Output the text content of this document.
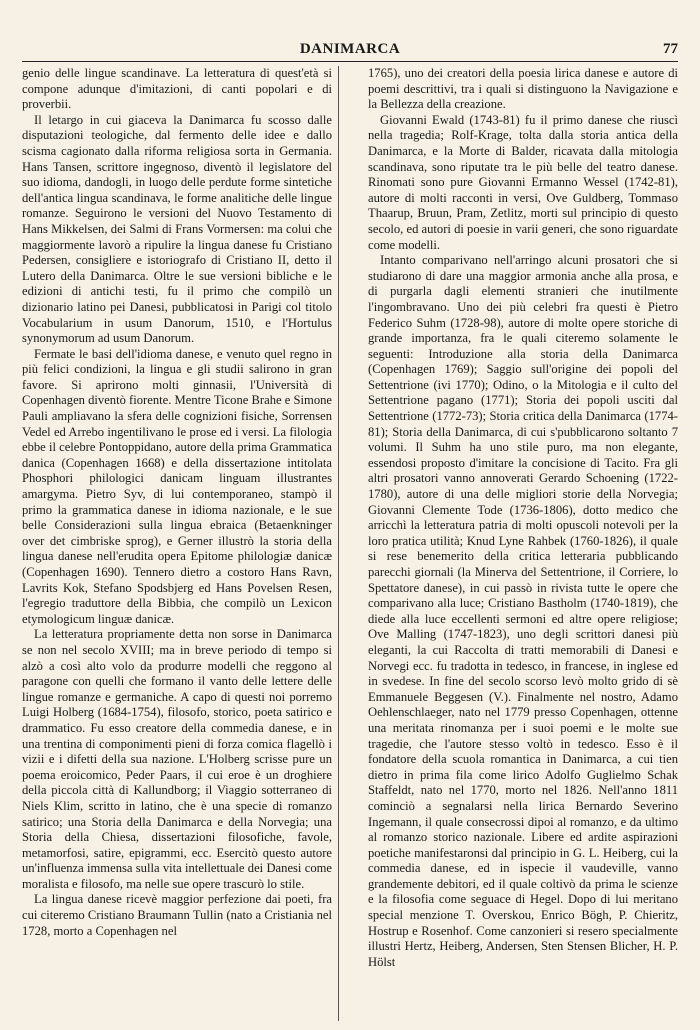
DANIMARCA	77

genio delle lingue scandinave. La letteratura di quest'età si compone adunque d'imitazioni, di canti popolari e di proverbii.

Il letargo in cui giaceva la Danimarca fu scosso dalle disputazioni teologiche, dal fermento delle idee e dallo scisma cagionato dalla riforma religiosa sorta in Germania. Hans Tansen, scrittore ingegnoso, diventò il legislatore del suo idioma, dandogli, in luogo delle perdute forme sintetiche dell'antica lingua scandinava, le forme analitiche delle lingue romanze. Seguirono le versioni del Nuovo Testamento di Hans Mikkelsen, dei Salmi di Frans Vormersen: ma colui che maggiormente lavorò a ripulire la lingua danese fu Cristiano Pedersen, consigliere e istoriografo di Cristiano II, detto il Lutero della Danimarca. Oltre le sue versioni bibliche e le edizioni di antichi testi, fu il primo che compilò un dizionario latino pei Danesi, pubblicatosi in Parigi col titolo Vocabularium in usum Danorum, 1510, e l'Hortulus synonymorum ad usum Danorum.

Fermate le basi dell'idioma danese, e venuto quel regno in più felici condizioni, la lingua e gli studii salirono in gran favore. Si aprirono molti ginnasii, l'Università di Copenhagen diventò fiorente. Mentre Ticone Brahe e Simone Pauli ampliavano la sfera delle cognizioni fisiche, Sorrensen Vedel ed Arrebo ingentilivano le prose ed i versi. La filologia ebbe il celebre Pontoppidano, autore della prima Grammatica danica (Copenhagen 1668) e della dissertazione intitolata Phosphori philologici danicam linguam illustrantes amargyma. Pietro Syv, di lui contemporaneo, stampò il primo la grammatica danese in idioma nazionale, e le sue belle Considerazioni sulla lingua ebraica (Betaenkninger over det cimbriske sprog), e Gerner illustrò la storia della lingua danese nell'erudita opera Epitome philologiæ danicæ (Copenhagen 1690). Tennero dietro a costoro Hans Ravn, Lavrits Kok, Stefano Spodsbjerg ed Hans Povelsen Resen, l'egregio traduttore della Bibbia, che compilò un Lexicon etymologicum linguæ danicæ.

La letteratura propriamente detta non sorse in Danimarca se non nel secolo XVIII; ma in breve periodo di tempo si alzò a così alto volo da produrre modelli che reggono al paragone con quelli che formano il vanto delle lettere delle lingue romanze e germaniche. A capo di questi noi porremo Luigi Holberg (1684-1754), filosofo, storico, poeta satirico e drammatico. Fu esso creatore della commedia danese, e in una trentina di componimenti pieni di forza comica flagellò i vizii e i difetti della sua nazione. L'Holberg scrisse pure un poema eroicomico, Peder Paars, il cui eroe è un droghiere della piccola città di Kallundborg; il Viaggio sotterraneo di Niels Klim, scritto in latino, che è una specie di romanzo satirico; una Storia della Danimarca e della Norvegia; una Storia della Chiesa, dissertazioni filosofiche, favole, metamorfosi, satire, epigrammi, ecc. Esercitò questo autore un'influenza immensa sulla vita intellettuale dei Danesi come moralista e filosofo, ma nelle sue opere trascurò lo stile.

La lingua danese ricevè maggior perfezione dai poeti, fra cui citeremo Cristiano Braumann Tullin (nato a Cristiania nel 1728, morto a Copenhagen nel

1765), uno dei creatori della poesia lirica danese e autore di poemi descrittivi, tra i quali si distinguono la Navigazione e la Bellezza della creazione.

Giovanni Ewald (1743-81) fu il primo danese che riuscì nella tragedia; Rolf-Krage, tolta dalla storia antica della Danimarca, e la Morte di Balder, ricavata dalla mitologia scandinava, sono riputate tra le più belle del teatro danese. Rinomati sono pure Giovanni Ermanno Wessel (1742-81), autore di molti racconti in versi, Ove Guldberg, Tommaso Thaarup, Bruun, Pram, Zetlitz, morti sul principio di questo secolo, ed autori di poesie in varii generi, che sono riguardate come modelli.

Intanto comparivano nell'arringo alcuni prosatori che si studiarono di dare una maggior armonia anche alla prosa, e di purgarla dagli elementi stranieri che inutilmente l'ingombravano. Uno dei più celebri fra questi è Pietro Federico Suhm (1728-98), autore di molte opere storiche di grande importanza, fra le quali citeremo solamente le seguenti: Introduzione alla storia della Danimarca (Copenhagen 1769); Saggio sull'origine dei popoli del Settentrione (ivi 1770); Odino, o la Mitologia e il culto del Settentrione pagano (1771); Storia dei popoli usciti dal Settentrione (1772-73); Storia critica della Danimarca (1774-81); Storia della Danimarca, di cui s'pubblicarono soltanto 7 volumi. Il Suhm ha uno stile puro, ma non elegante, essendosi proposto d'imitare la concisione di Tacito. Fra gli altri prosatori vanno annoverati Gerardo Schoening (1722-1780), autore di una delle migliori storie della Norvegia; Giovanni Clemente Tode (1736-1806), dotto medico che arricchì la letteratura patria di molti opuscoli notevoli per la loro pratica utilità; Knud Lyne Rahbek (1760-1826), il quale si rese benemerito della critica letteraria pubblicando parecchi giornali (la Minerva del Settentrione, il Corriere, lo Spettatore danese), in cui passò in rivista tutte le opere che comparivano alla luce; Cristiano Bastholm (1740-1819), che diede alla luce eccellenti sermoni ed altre opere religiose; Ove Malling (1747-1823), uno degli scrittori danesi più eleganti, la cui Raccolta di tratti memorabili di Danesi e Norvegi ecc. fu tradotta in tedesco, in francese, in inglese ed in svedese. In fine del secolo scorso levò molto grido di sè Emmanuele Beggesen (V.). Finalmente nel nostro, Adamo Oehlenschlaeger, nato nel 1779 presso Copenhagen, ottenne una meritata rinomanza per i suoi poemi e le molte sue tragedie, che l'autore stesso voltò in tedesco. Esso è il fondatore della scuola romantica in Danimarca, a cui tien dietro in prima fila come lirico Adolfo Guglielmo Schak Staffeldt, nato nel 1770, morto nel 1826. Nell'anno 1811 cominciò a segnalarsi nella lirica Bernardo Severino Ingemann, il quale consecrossi dipoi al romanzo, e da ultimo al romanzo storico nazionale. Libere ed ardite aspirazioni poetiche manifestaronsi dal principio in G. L. Heiberg, cui la commedia danese, ed in ispecie il vaudeville, vanno grandemente debitori, ed il quale coltivò da prima le scienze e la filosofia come seguace di Hegel. Dopo di lui meritano special menzione T. Overskou, Enrico Bögh, P. Chieritz, Hostrup e Rosenhof. Come canzonieri si resero specialmente illustri Hertz, Heiberg, Andersen, Sten Stensen Blicher, H. P. Hölst
